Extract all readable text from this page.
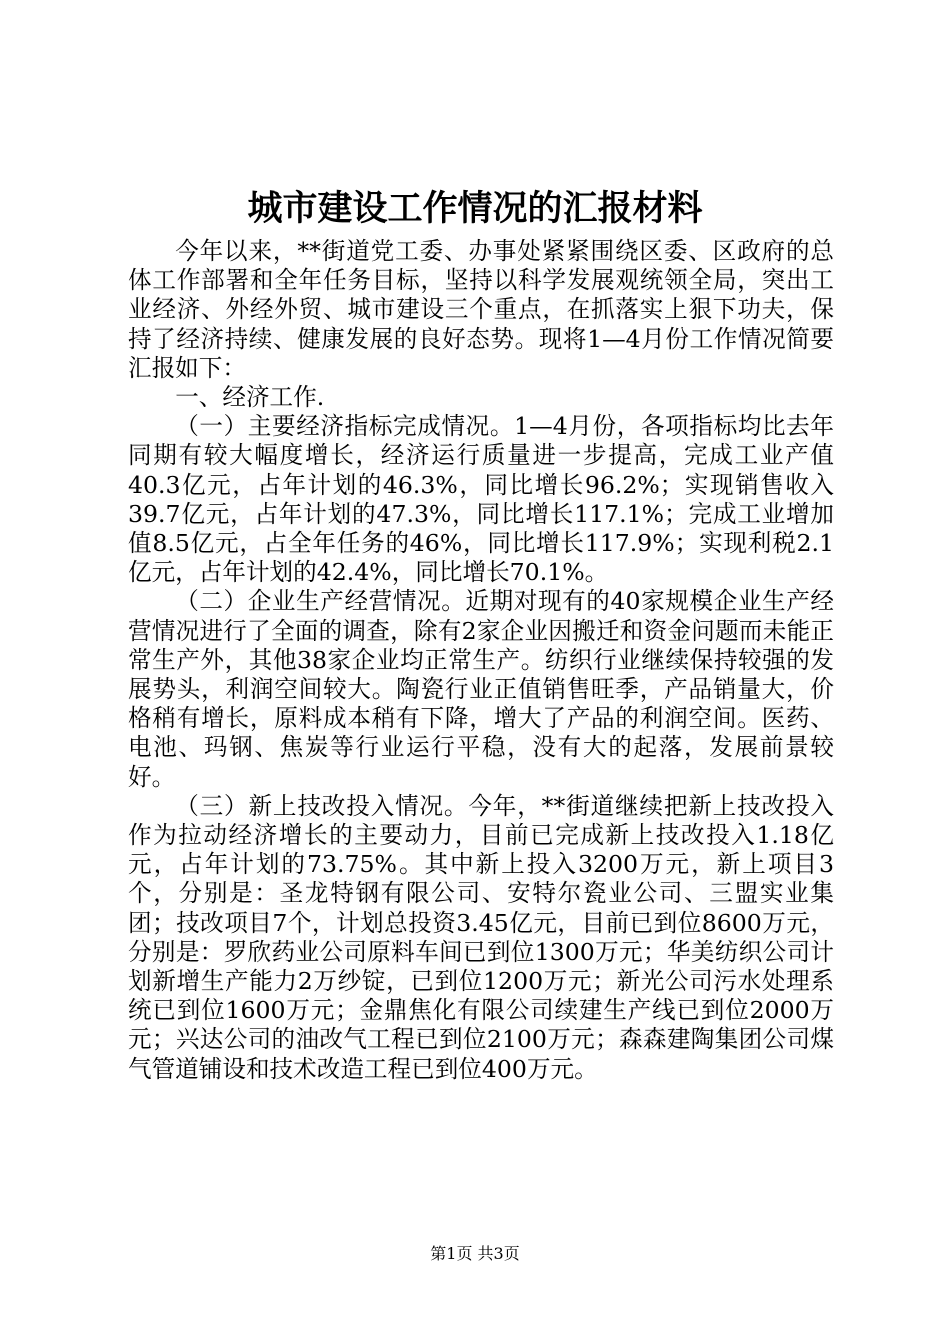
城市建设工作情况的汇报材料

今年以来，**街道党工委、办事处紧紧围绕区委、区政府的总体工作部署和全年任务目标，坚持以科学发展观统领全局，突出工业经济、外经外贸、城市建设三个重点，在抓落实上狠下功夫，保持了经济持续、健康发展的良好态势。现将1—4月份工作情况简要汇报如下：

一、经济工作.

（一）主要经济指标完成情况。1—4月份，各项指标均比去年同期有较大幅度增长，经济运行质量进一步提高，完成工业产值40.3亿元，占年计划的46.3%，同比增长96.2%；实现销售收入39.7亿元，占年计划的47.3%，同比增长117.1%；完成工业增加值8.5亿元，占全年任务的46%，同比增长117.9%；实现利税2.1亿元，占年计划的42.4%，同比增长70.1%。

（二）企业生产经营情况。近期对现有的40家规模企业生产经营情况进行了全面的调查，除有2家企业因搬迁和资金问题而未能正常生产外，其他38家企业均正常生产。纺织行业继续保持较强的发展势头，利润空间较大。陶瓷行业正值销售旺季，产品销量大，价格稍有增长，原料成本稍有下降，增大了产品的利润空间。医药、电池、玛钢、焦炭等行业运行平稳，没有大的起落，发展前景较好。

（三）新上技改投入情况。今年，**街道继续把新上技改投入作为拉动经济增长的主要动力，目前已完成新上技改投入1.18亿元，占年计划的73.75%。其中新上投入3200万元，新上项目3个，分别是：圣龙特钢有限公司、安特尔瓷业公司、三盟实业集团；技改项目7个，计划总投资3.45亿元，目前已到位8600万元，分别是：罗欣药业公司原料车间已到位1300万元；华美纺织公司计划新增生产能力2万纱锭，已到位1200万元；新光公司污水处理系统已到位1600万元；金鼎焦化有限公司续建生产线已到位2000万元；兴达公司的油改气工程已到位2100万元；森森建陶集团公司煤气管道铺设和技术改造工程已到位400万元。

第1页 共3页
